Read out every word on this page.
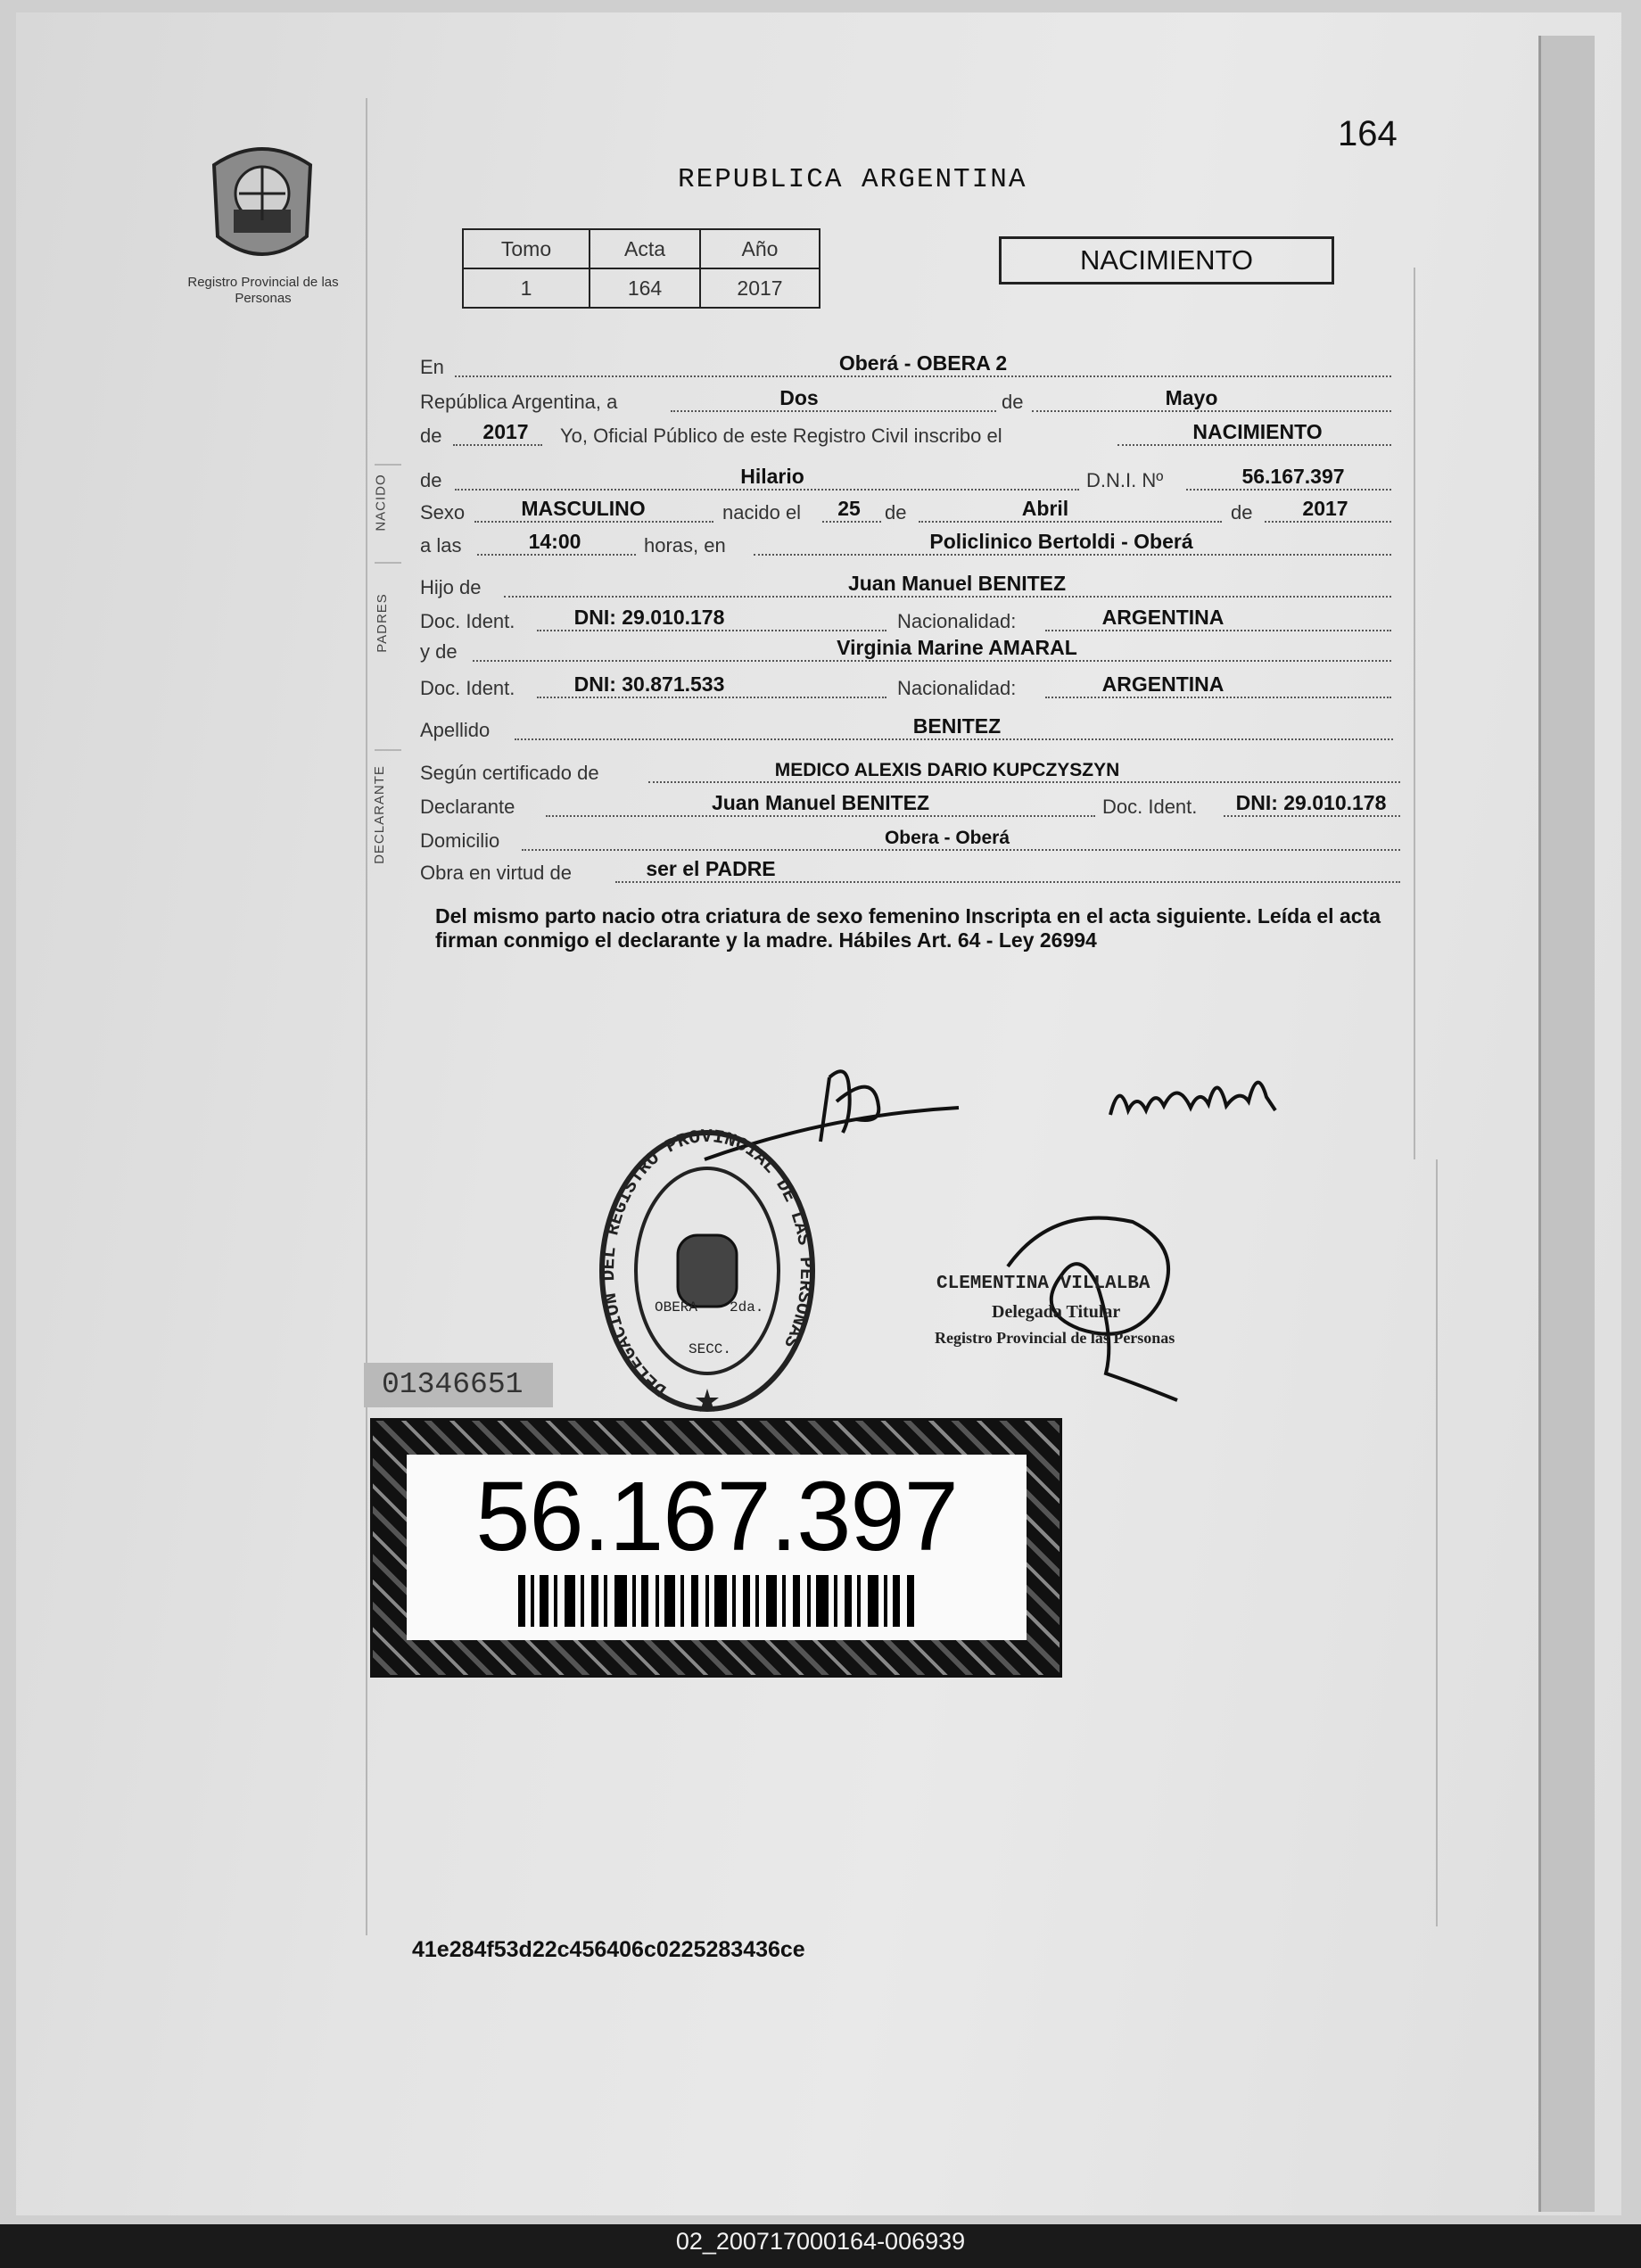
164
Registro Provincial de las Personas
REPUBLICA ARGENTINA
Tomo	Acta	Año
1	164	2017
NACIMIENTO
NACIDO
PADRES
DECLARANTE
En	Oberá - OBERA 2
República Argentina, a	Dos	de	Mayo
de 2017 Yo, Oficial Público de este Registro Civil inscribo el	NACIMIENTO
de	Hilario	D.N.I. Nº	56.167.397
Sexo	MASCULINO	nacido el 25 de	Abril	de 2017
a las	14:00	horas, en	Policlinico Bertoldi - Oberá
Hijo de	Juan Manuel BENITEZ
Doc. Ident.	DNI: 29.010.178	Nacionalidad:	ARGENTINA
y de	Virginia Marine AMARAL
Doc. Ident.	DNI: 30.871.533	Nacionalidad:	ARGENTINA
Apellido	BENITEZ
Según certificado de	MEDICO ALEXIS DARIO KUPCZYSZYN
Declarante	Juan Manuel BENITEZ	Doc. Ident. DNI: 29.010.178
Domicilio	Obera - Oberá
Obra en virtud de	ser el PADRE
Del mismo parto nacio otra criatura de sexo femenino Inscripta en el acta siguiente. Leída el acta firman conmigo el declarante y la madre. Hábiles Art. 64 - Ley 26994
DELEGACION DEL REGISTRO PROVINCIAL DE LAS PERSONAS
OBERA 2da.
SECC.
CLEMENTINA VILLALBA
Delegada Titular
Registro Provincial de las Personas
01346651
56.167.397
41e284f53d22c456406c0225283436ce
02_200717000164-006939
